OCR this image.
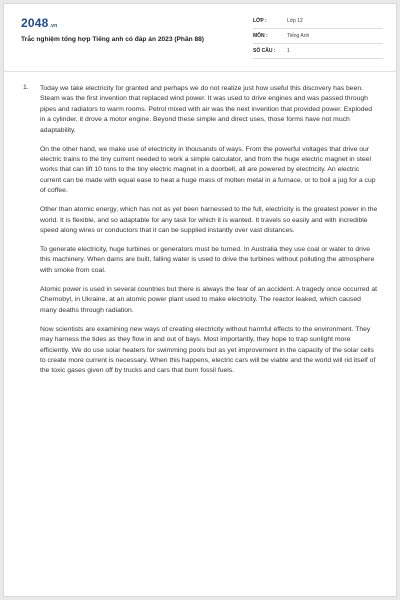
2048.vn
Trắc nghiệm tổng hợp Tiếng anh có đáp án 2023 (Phần 88)
LỚP :	Lớp 12
MÔN :	Tiếng Anh
SỐ CÂU :	1
1. Today we take electricity for granted and perhaps we do not realize just how useful this discovery has been. Steam was the first invention that replaced wind power. It was used to drive engines and was passed through pipes and radiators to warm rooms. Petrol mixed with air was the next invention that provided power. Exploded in a cylinder, it drove a motor engine. Beyond these simple and direct uses, those forms have not much adaptability.

On the other hand, we make use of electricity in thousands of ways. From the powerful voltages that drive our electric trains to the tiny current needed to work a simple calculator, and from the huge electric magnet in steel works that can lift 10 tons to the tiny electric magnet in a doorbell, all are powered by electricity. An electric current can be made with equal ease to heat a huge mass of molten metal in a furnace, or to boil a jug for a cup of coffee.

Other than atomic energy, which has not as yet been harnessed to the full, electricity is the greatest power in the world. It is flexible, and so adaptable for any task for which it is wanted. It travels so easily and with incredible speed along wires or conductors that it can be supplied instantly over vast distances.

To generate electricity, huge turbines or generators must be turned. In Australia they use coal or water to drive this machinery. When dams are built, falling water is used to drive the turbines without polluting the atmosphere with smoke from coal.

Atomic power is used in several countries but there is always the fear of an accident. A tragedy once occurred at Chernobyl, in Ukraine, at an atomic power plant used to make electricity. The reactor leaked, which caused many deaths through radiation.

Now scientists are examining new ways of creating electricity without harmful effects to the environment. They may harness the tides as they flow in and out of bays. Most importantly, they hope to trap sunlight more efficiently. We do use solar heaters for swimming pools but as yet improvement in the capacity of the solar cells to create more current is necessary. When this happens, electric cars will be viable and the world will rid itself of the toxic gases given off by trucks and cars that burn fossil fuels.
